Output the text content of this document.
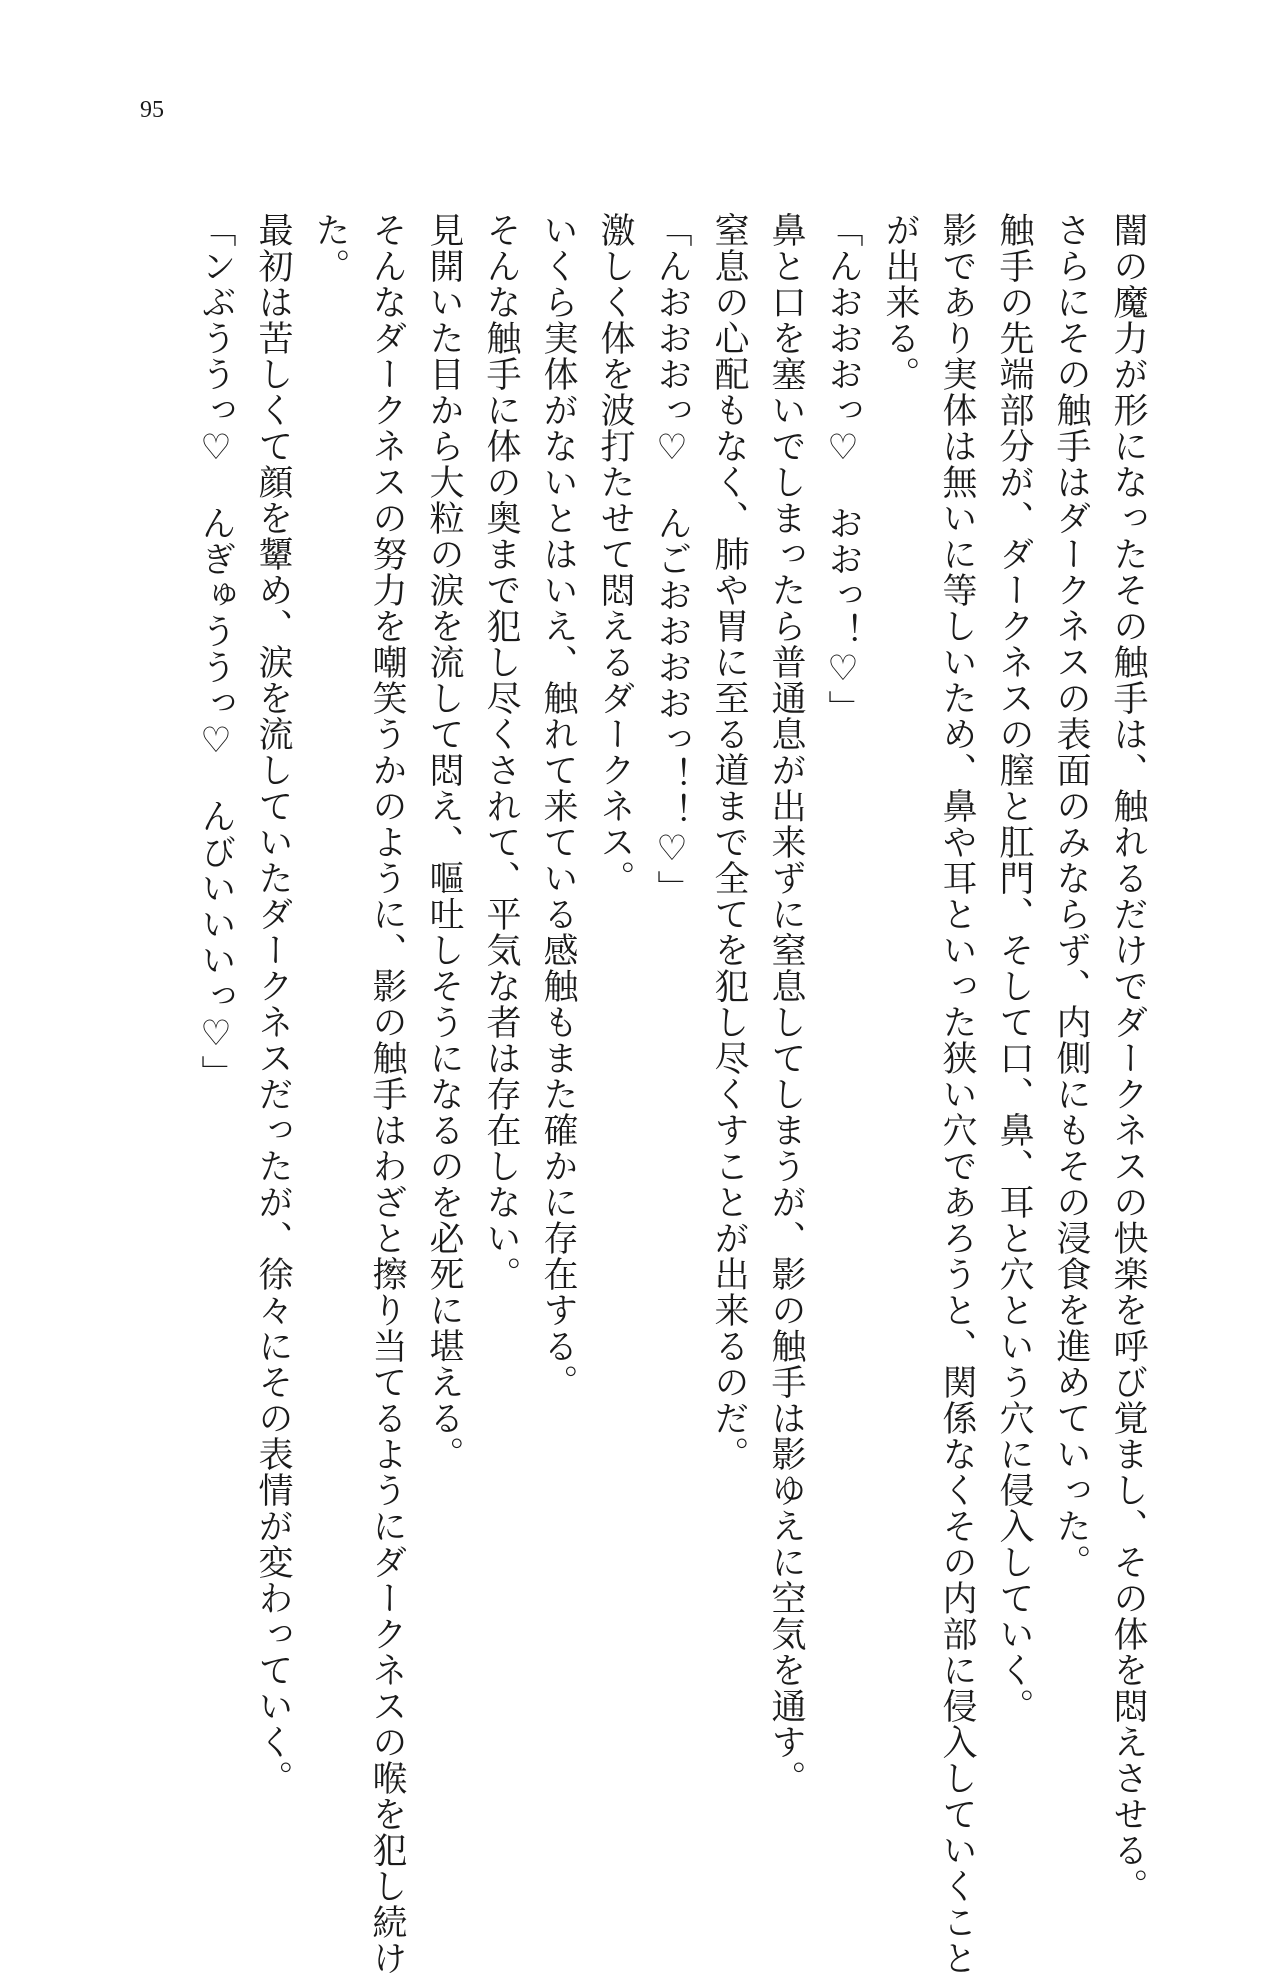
95
闇の魔力が形になったその触手は、触れるだけでダークネスの快楽を呼び覚まし、その体を悶えさせる。
さらにその触手はダークネスの表面のみならず、内側にもその浸食を進めていった。
触手の先端部分が、ダークネスの膣と肛門、そして口、鼻、耳と穴という穴に侵入していく。
影であり実体は無いに等しいため、鼻や耳といった狭い穴であろうと、関係なくその内部に侵入していくこと
が出来る。
「んおおおっ♡　おおっ！♡」
鼻と口を塞いでしまったら普通息が出来ずに窒息してしまうが、影の触手は影ゆえに空気を通す。
窒息の心配もなく、肺や胃に至る道まで全てを犯し尽くすことが出来るのだ。
「んおおおっ♡　んごおおおおっ！！♡」
激しく体を波打たせて悶えるダークネス。
いくら実体がないとはいえ、触れて来ている感触もまた確かに存在する。
そんな触手に体の奥まで犯し尽くされて、平気な者は存在しない。
見開いた目から大粒の涙を流して悶え、嘔吐しそうになるのを必死に堪える。
そんなダークネスの努力を嘲笑うかのように、影の触手はわざと擦り当てるようにダークネスの喉を犯し続け
た。
最初は苦しくて顔を顰め、涙を流していたダークネスだったが、徐々にその表情が変わっていく。
「ンぶううっ♡　んぎゅううっ♡　んびいいいっ♡」
